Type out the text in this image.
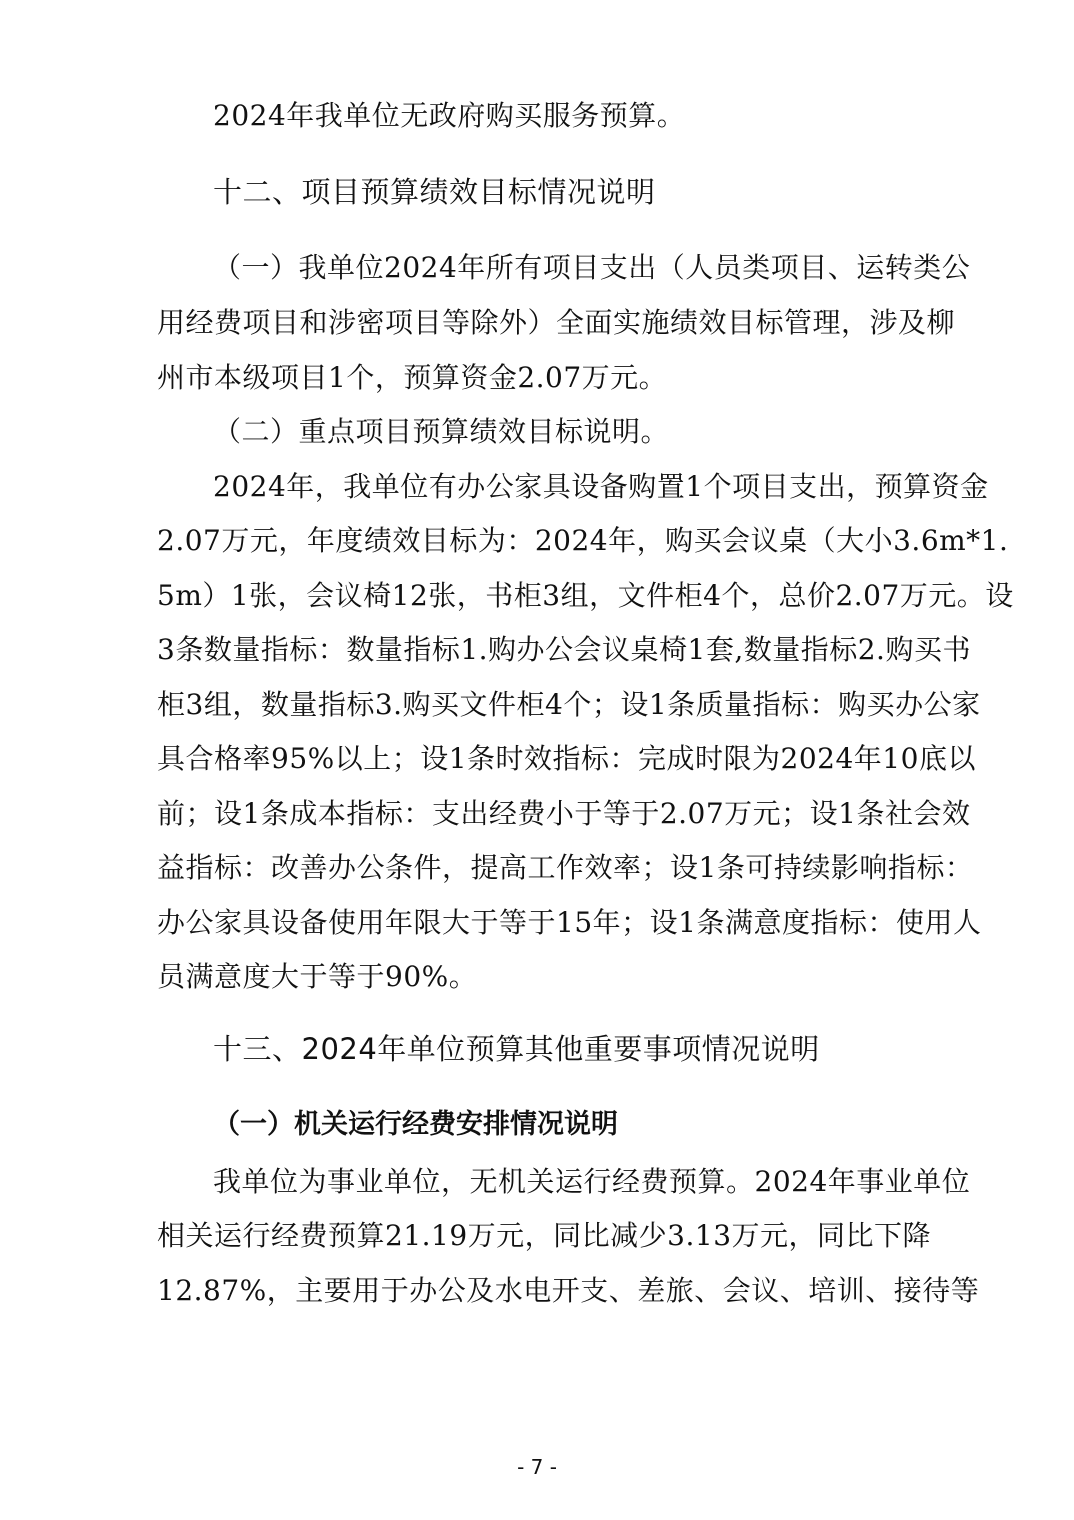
2024年我单位无政府购买服务预算。
十二、项目预算绩效目标情况说明
（一）我单位2024年所有项目支出（人员类项目、运转类公
用经费项目和涉密项目等除外）全面实施绩效目标管理，涉及柳
州市本级项目1个，预算资金2.07万元。
（二）重点项目预算绩效目标说明。
2024年，我单位有办公家具设备购置1个项目支出，预算资金
2.07万元，年度绩效目标为：2024年，购买会议桌（大小3.6m*1.
5m）1张，会议椅12张，书柜3组，文件柜4个，总价2.07万元。设
3条数量指标：数量指标1.购办公会议桌椅1套,数量指标2.购买书
柜3组，数量指标3.购买文件柜4个；设1条质量指标：购买办公家
具合格率95%以上；设1条时效指标：完成时限为2024年10底以
前；设1条成本指标：支出经费小于等于2.07万元；设1条社会效
益指标：改善办公条件，提高工作效率；设1条可持续影响指标：
办公家具设备使用年限大于等于15年；设1条满意度指标：使用人
员满意度大于等于90%。
十三、2024年单位预算其他重要事项情况说明
（一）机关运行经费安排情况说明
我单位为事业单位，无机关运行经费预算。2024年事业单位
相关运行经费预算21.19万元，同比减少3.13万元，同比下降
12.87%，主要用于办公及水电开支、差旅、会议、培训、接待等
- 7 -
